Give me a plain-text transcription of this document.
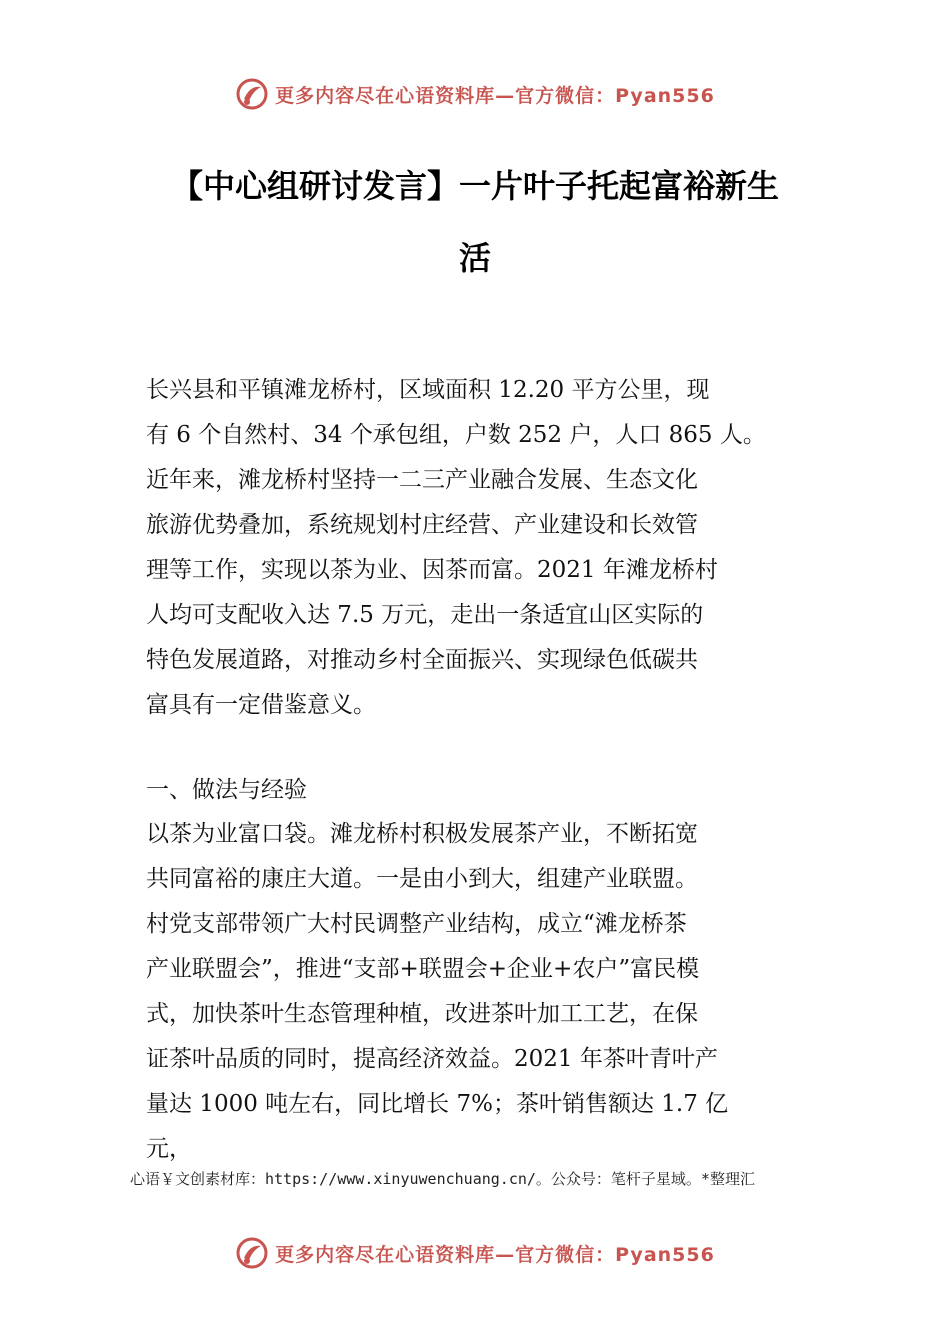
更多内容尽在心语资料库—官方微信：Pyan556
【中心组研讨发言】一片叶子托起富裕新生
活
长兴县和平镇滩龙桥村，区域面积 12.20 平方公里，现
有 6 个自然村、34 个承包组，户数 252 户，人口 865 人。
近年来，滩龙桥村坚持一二三产业融合发展、生态文化
旅游优势叠加，系统规划村庄经营、产业建设和长效管
理等工作，实现以茶为业、因茶而富。2021 年滩龙桥村
人均可支配收入达 7.5 万元，走出一条适宜山区实际的
特色发展道路，对推动乡村全面振兴、实现绿色低碳共
富具有一定借鉴意义。
一、做法与经验
以茶为业富口袋。滩龙桥村积极发展茶产业，不断拓宽
共同富裕的康庄大道。一是由小到大，组建产业联盟。
村党支部带领广大村民调整产业结构，成立“滩龙桥茶
产业联盟会”，推进“支部+联盟会+企业+农户”富民模
式，加快茶叶生态管理种植，改进茶叶加工工艺，在保
证茶叶品质的同时，提高经济效益。2021 年茶叶青叶产
量达 1000 吨左右，同比增长 7%；茶叶销售额达 1.7 亿
元，
心语￥文创素材库：https://www.xinyuwenchuang.cn/。公众号：笔杆子星域。*整理汇
更多内容尽在心语资料库—官方微信：Pyan556
